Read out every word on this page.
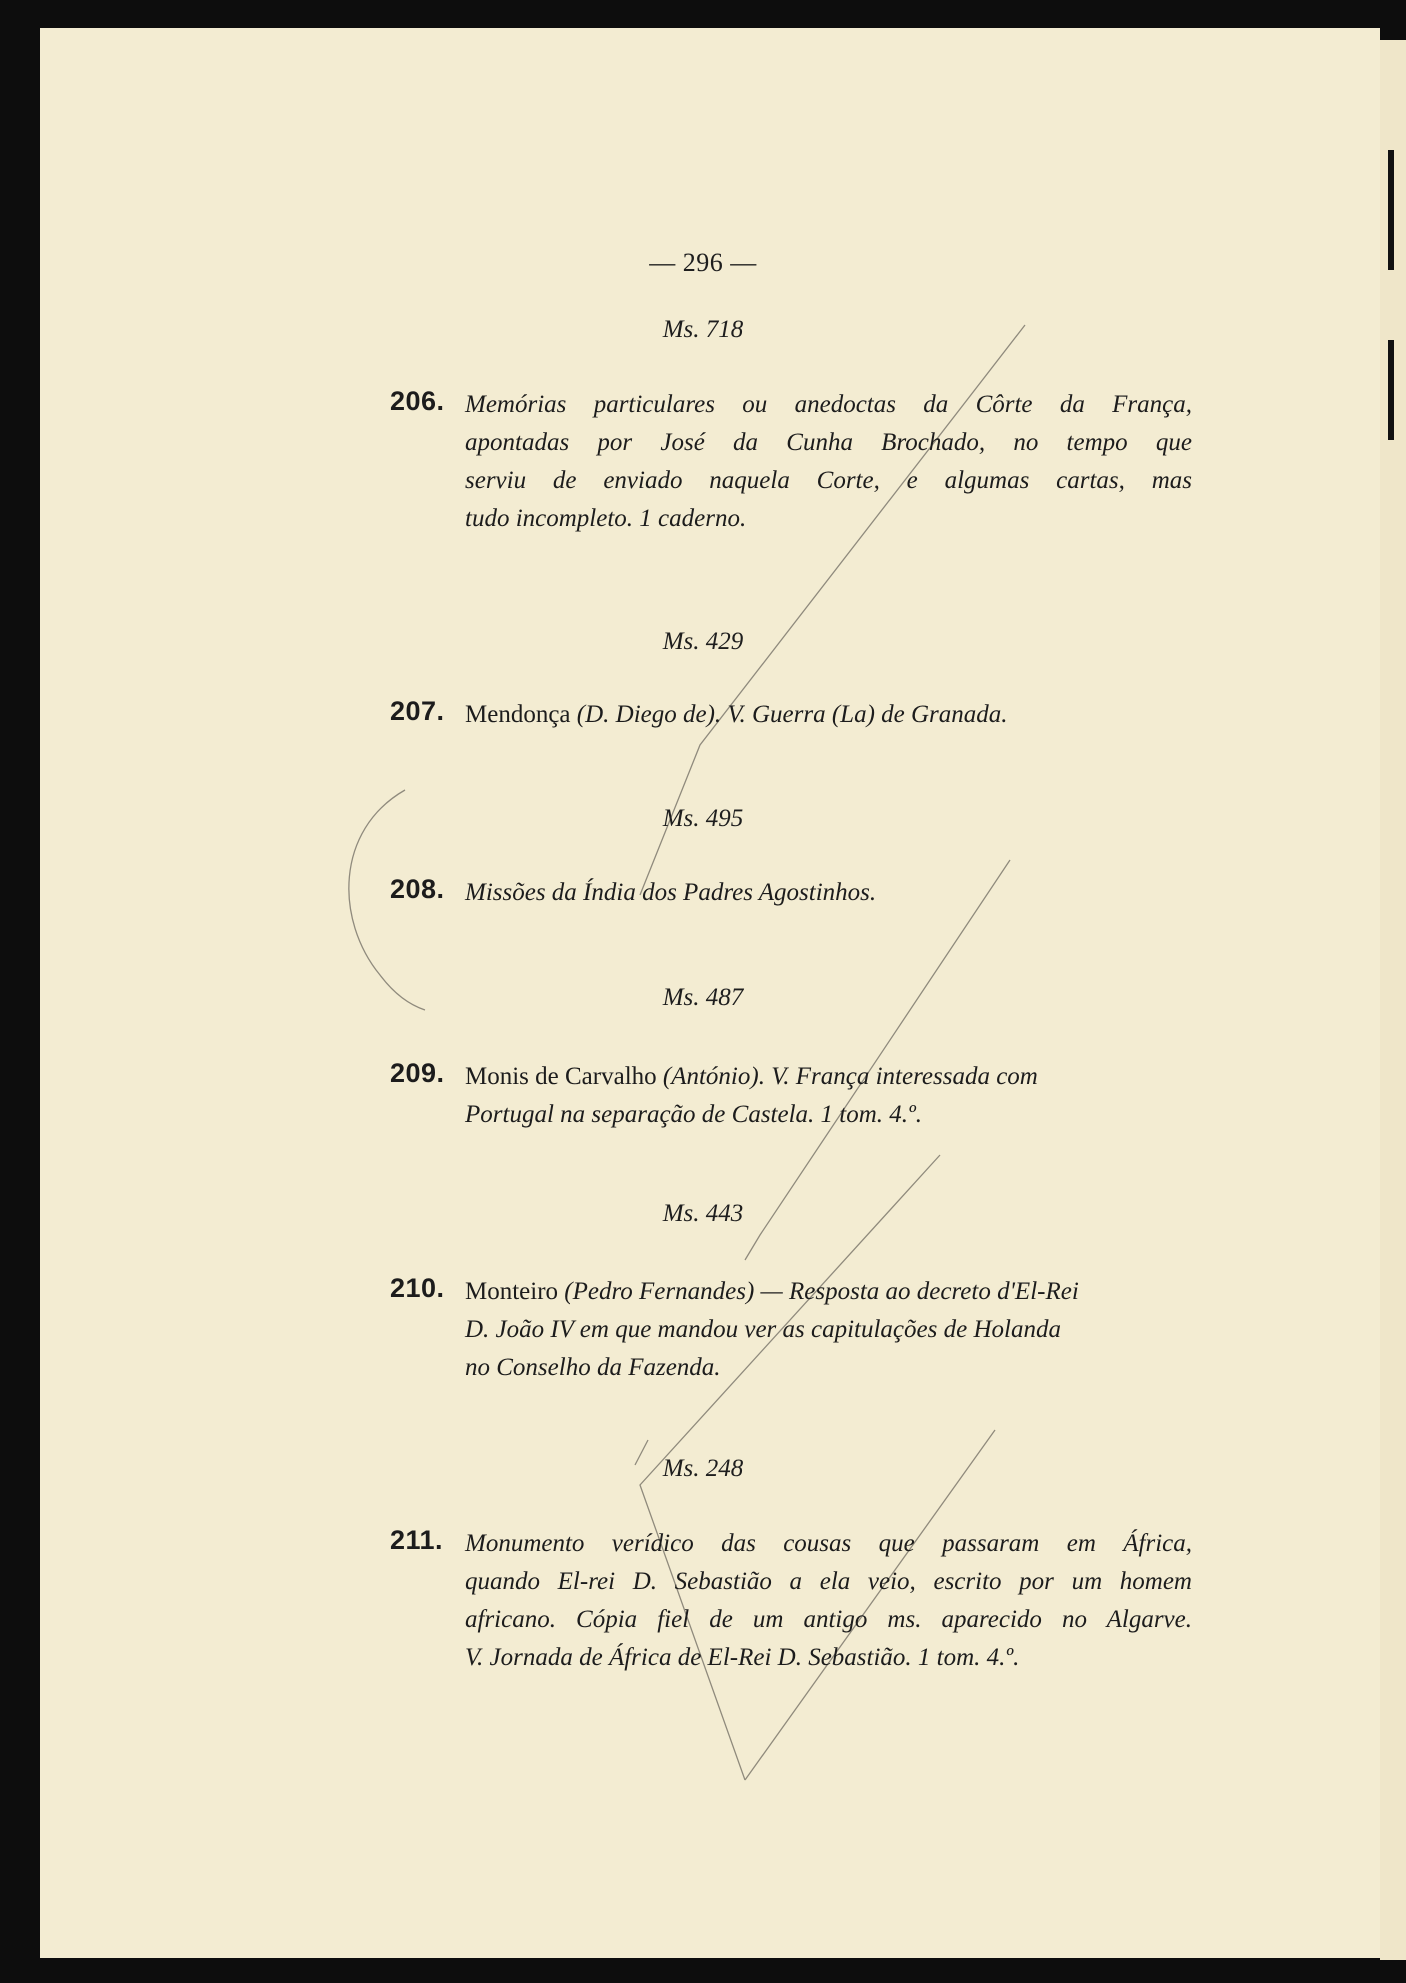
— 296 —
Ms. 718
206. Memórias particulares ou anedoctas da Côrte da França,
apontadas por José da Cunha Brochado, no tempo que
serviu de enviado naquela Corte, e algumas cartas, mas
tudo incompleto. 1 caderno.
Ms. 429
207. Mendonça (D. Diego de). V. Guerra (La) de Granada.
Ms. 495
208. Missões da Índia dos Padres Agostinhos.
Ms. 487
209. Monis de Carvalho (António). V. França interessada com
Portugal na separação de Castela. 1 tom. 4.º.
Ms. 443
210. Monteiro (Pedro Fernandes) — Resposta ao decreto d'El-Rei
D. João IV em que mandou ver as capitulações de Holanda
no Conselho da Fazenda.
Ms. 248
211. Monumento verídico das cousas que passaram em África,
quando El-rei D. Sebastião a ela veio, escrito por um homem
africano. Cópia fiel de um antigo ms. aparecido no Algarve.
V. Jornada de África de El-Rei D. Sebastião. 1 tom. 4.º.
